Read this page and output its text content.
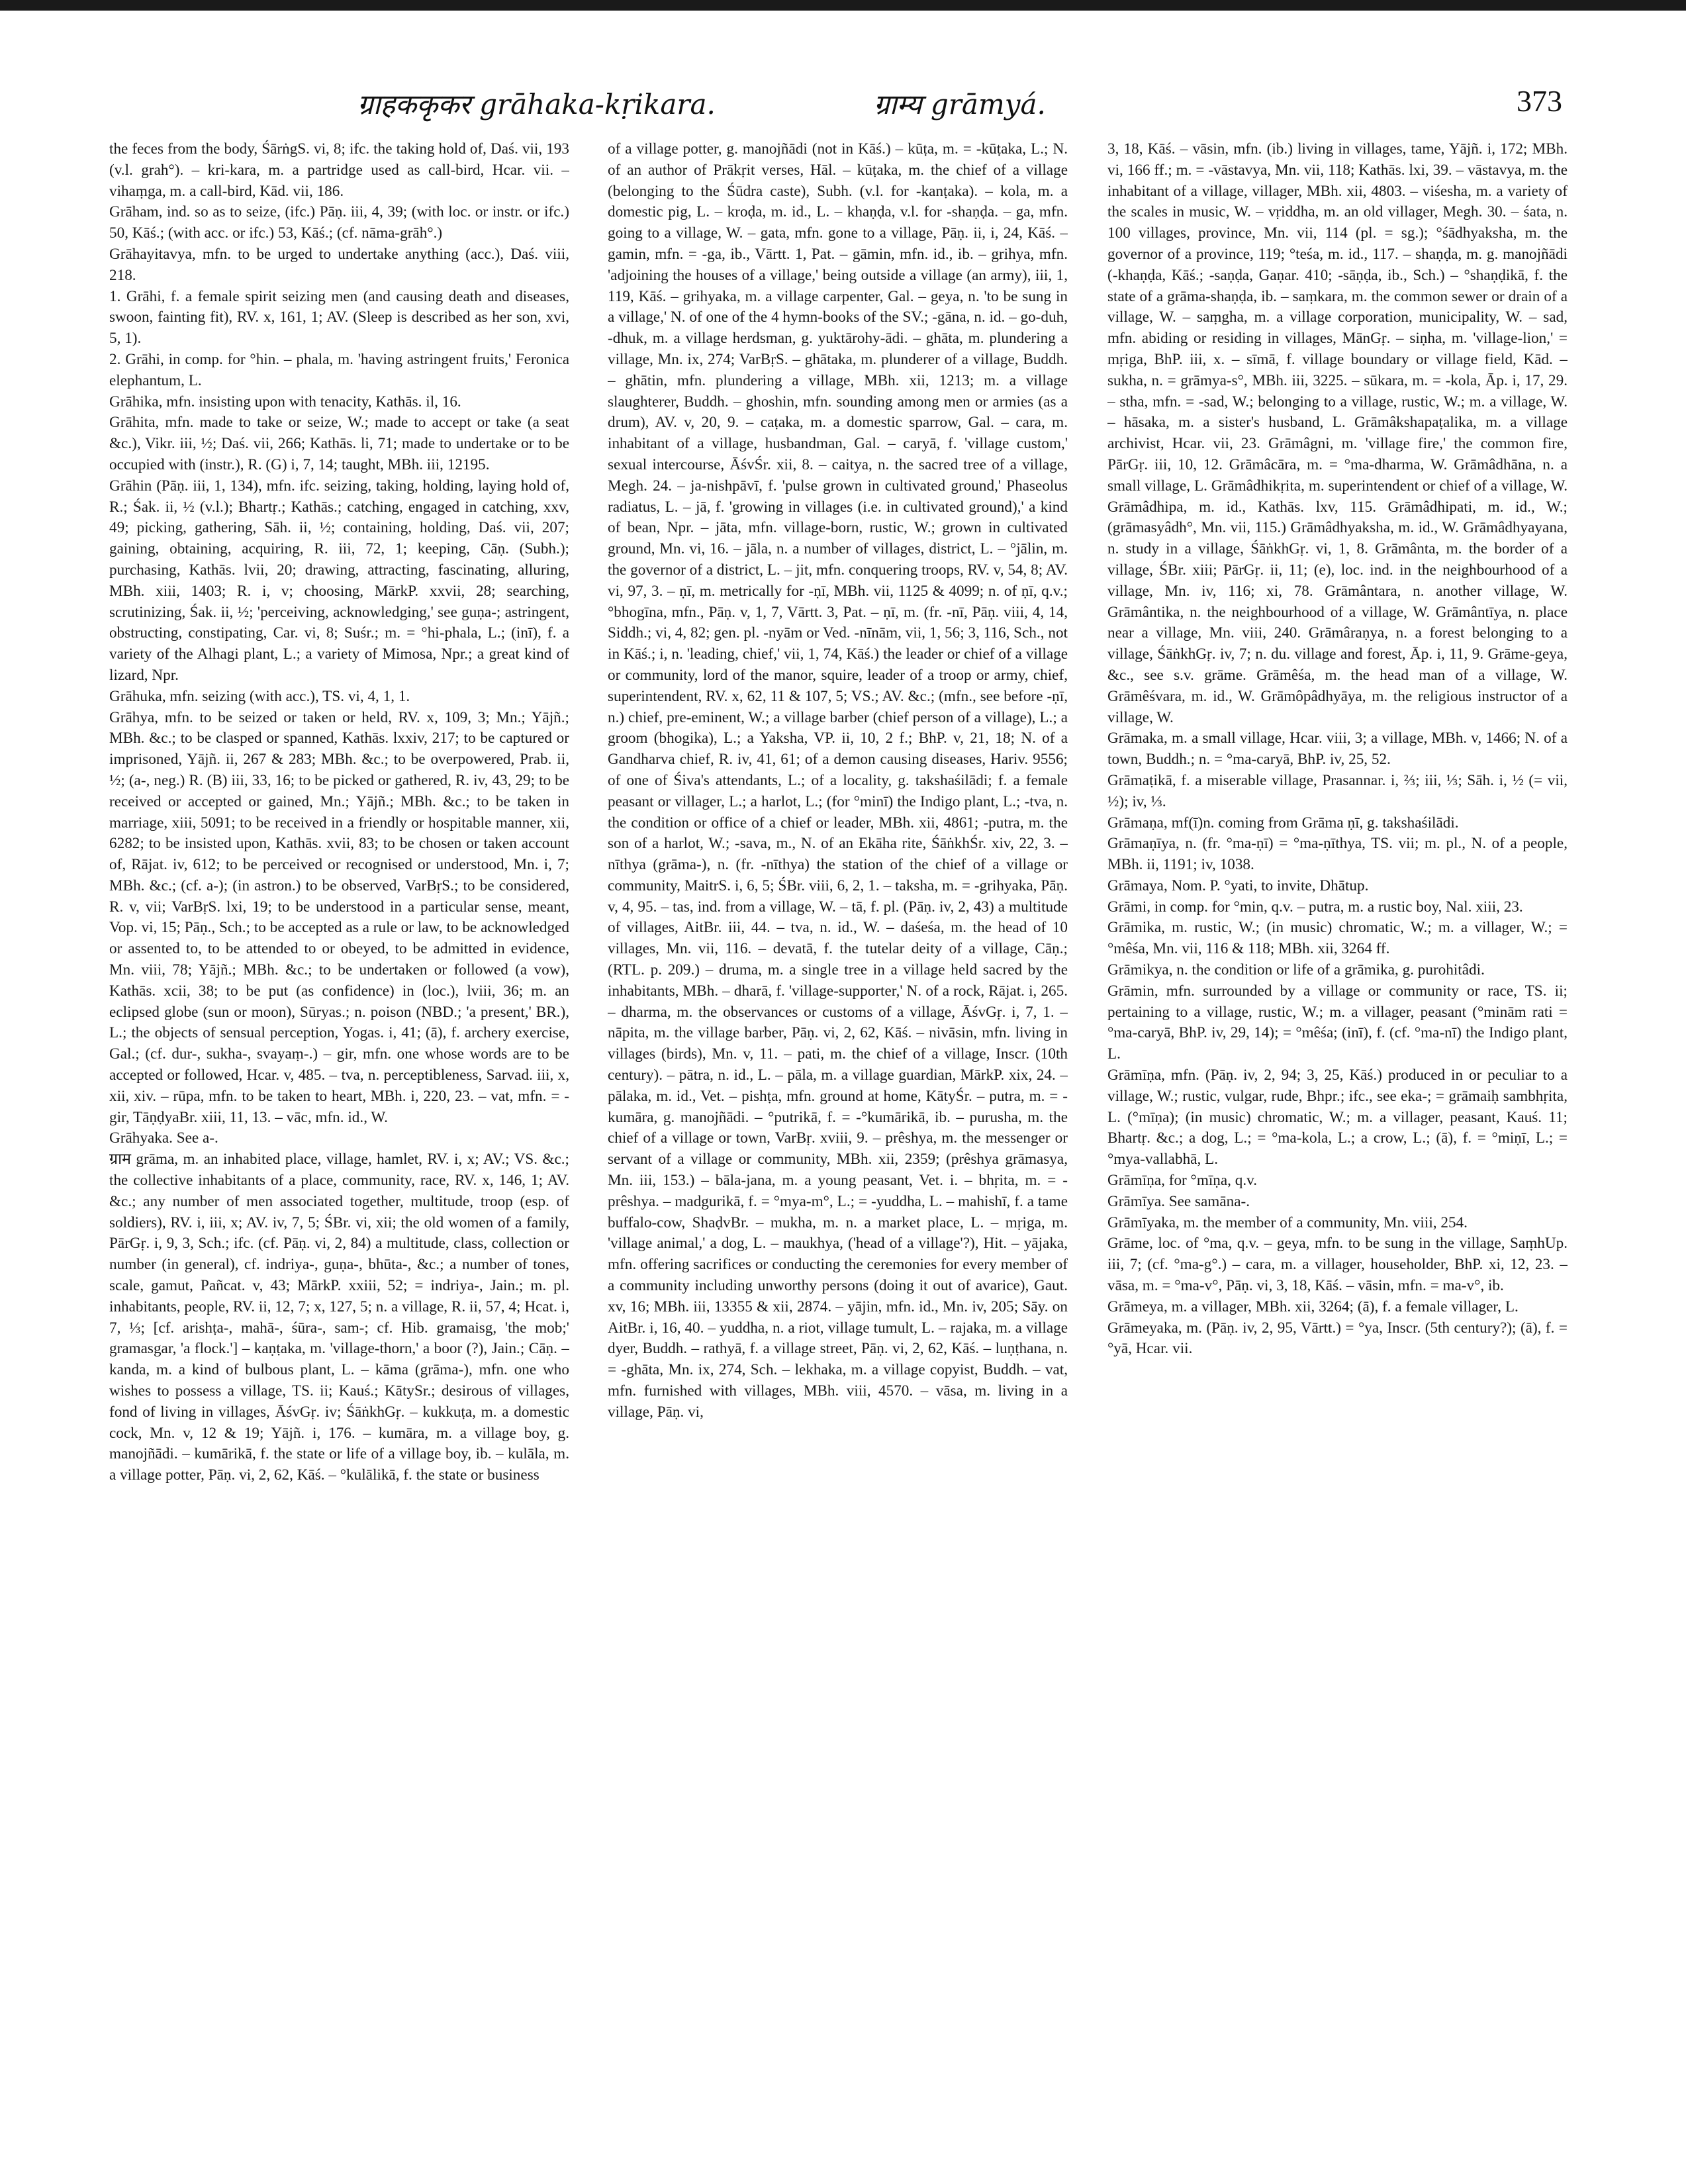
ग्राहककृकर grāhaka-kṛikara.	ग्राम्य grāmyá.	373

the feces from the body, ŚārṅgS. vi, 8; ifc. the taking hold of, Daś. vii, 193 (v.l. grah°). – kri-kara, m. a partridge used as call-bird, Hcar. vii. – vihaṃga, m. a call-bird, Kād. vii, 186.

Grāham, ind. so as to seize, (ifc.) Pāṇ. iii, 4, 39; (with loc. or instr. or ifc.) 50, Kāś.; (with acc. or ifc.) 53, Kāś.; (cf. nāma-grāh°.)

Grāhayitavya, mfn. to be urged to undertake anything (acc.), Daś. viii, 218.

1. Grāhi, f. a female spirit seizing men (and causing death and diseases, swoon, fainting fit), RV. x, 161, 1; AV. (Sleep is described as her son, xvi, 5, 1).

2. Grāhi, in comp. for °hin. – phala, m. 'having astringent fruits,' Feronica elephantum, L.

Grāhika, mfn. insisting upon with tenacity, Kathās. il, 16.

Grāhita, mfn. made to take or seize, W.; made to accept or take (a seat &c.), Vikr. iii, ½; Daś. vii, 266; Kathās. li, 71; made to undertake or to be occupied with (instr.), R. (G) i, 7, 14; taught, MBh. iii, 12195.

Grāhin (Pāṇ. iii, 1, 134), mfn. ifc. seizing, taking, holding, laying hold of, R.; Śak. ii, ½ (v.l.); Bhartṛ.; Kathās.; catching, engaged in catching, xxv, 49; picking, gathering, Sāh. ii, ½; containing, holding, Daś. vii, 207; gaining, obtaining, acquiring, R. iii, 72, 1; keeping, Cāṇ. (Subh.); purchasing, Kathās. lvii, 20; drawing, attracting, fascinating, alluring, MBh. xiii, 1403; R. i, v; choosing, MārkP. xxvii, 28; searching, scrutinizing, Śak. ii, ½; 'perceiving, acknowledging,' see guṇa-; astringent, obstructing, constipating, Car. vi, 8; Suśr.; m. = °hi-phala, L.; (inī), f. a variety of the Alhagi plant, L.; a variety of Mimosa, Npr.; a great kind of lizard, Npr.

Grāhuka, mfn. seizing (with acc.), TS. vi, 4, 1, 1.

Grāhya, mfn. to be seized or taken or held, RV. x, 109, 3; Mn.; Yājñ.; MBh. &c.; to be clasped or spanned, Kathās. lxxiv, 217; to be captured or imprisoned, Yājñ. ii, 267 & 283; MBh. &c.; to be overpowered, Prab. ii, ½; (a-, neg.) R. (B) iii, 33, 16; to be picked or gathered, R. iv, 43, 29; to be received or accepted or gained, Mn.; Yājñ.; MBh. &c.; to be taken in marriage, xiii, 5091; to be received in a friendly or hospitable manner, xii, 6282; to be insisted upon, Kathās. xvii, 83; to be chosen or taken account of, Rājat. iv, 612; to be perceived or recognised or understood, Mn. i, 7; MBh. &c.; (cf. a-); (in astron.) to be observed, VarBṛS.; to be considered, R. v, vii; VarBṛS. lxi, 19; to be understood in a particular sense, meant, Vop. vi, 15; Pāṇ., Sch.; to be accepted as a rule or law, to be acknowledged or assented to, to be attended to or obeyed, to be admitted in evidence, Mn. viii, 78; Yājñ.; MBh. &c.; to be undertaken or followed (a vow), Kathās. xcii, 38; to be put (as confidence) in (loc.), lviii, 36; m. an eclipsed globe (sun or moon), Sūryas.; n. poison (NBD.; 'a present,' BR.), L.; the objects of sensual perception, Yogas. i, 41; (ā), f. archery exercise, Gal.; (cf. dur-, sukha-, svayaṃ-.) – gir, mfn. one whose words are to be accepted or followed, Hcar. v, 485. – tva, n. perceptibleness, Sarvad. iii, x, xii, xiv. – rūpa, mfn. to be taken to heart, MBh. i, 220, 23. – vat, mfn. = -gir, TāṇḍyaBr. xiii, 11, 13. – vāc, mfn. id., W.

Grāhyaka. See a-.

ग्राम grāma, m. an inhabited place, village, hamlet, RV. i, x; AV.; VS. &c.; the collective inhabitants of a place, community, race, RV. x, 146, 1; AV. &c.; any number of men associated together, multitude, troop (esp. of soldiers), RV. i, iii, x; AV. iv, 7, 5; ŚBr. vi, xii; the old women of a family, PārGṛ. i, 9, 3, Sch.; ifc. (cf. Pāṇ. vi, 2, 84) a multitude, class, collection or number (in general), cf. indriya-, guṇa-, bhūta-, &c.; a number of tones, scale, gamut, Pañcat. v, 43; MārkP. xxiii, 52; = indriya-, Jain.; m. pl. inhabitants, people, RV. ii, 12, 7; x, 127, 5; n. a village, R. ii, 57, 4; Hcat. i, 7, ⅓; [cf. arishṭa-, mahā-, śūra-, sam-; cf. Hib. gramaisg, 'the mob;' gramasgar, 'a flock.'] – kaṇṭaka, m. 'village-thorn,' a boor (?), Jain.; Cāṇ. – kanda, m. a kind of bulbous plant, L. – kāma (grāma-), mfn. one who wishes to possess a village, TS. ii; Kauś.; KātySr.; desirous of villages, fond of living in villages, ĀśvGṛ. iv; ŚāṅkhGṛ. – kukkuṭa, m. a domestic cock, Mn. v, 12 & 19; Yājñ. i, 176. – kumāra, m. a village boy, g. manojñādi. – kumārikā, f. the state or life of a village boy, ib. – kulāla, m. a village potter, Pāṇ. vi, 2, 62, Kāś. – °kulālikā, f. the state or business

of a village potter, g. manojñādi (not in Kāś.) – kūṭa, m. = -kūṭaka, L.; N. of an author of Prākṛit verses, Hāl. – kūṭaka, m. the chief of a village (belonging to the Śūdra caste), Subh. (v.l. for -kanṭaka). – kola, m. a domestic pig, L. – kroḍa, m. id., L. – khaṇḍa, v.l. for -shaṇḍa. – ga, mfn. going to a village, W. – gata, mfn. gone to a village, Pāṇ. ii, i, 24, Kāś. – gamin, mfn. = -ga, ib., Vārtt. 1, Pat. – gāmin, mfn. id., ib. – grihya, mfn. 'adjoining the houses of a village,' being outside a village (an army), iii, 1, 119, Kāś. – grihyaka, m. a village carpenter, Gal. – geya, n. 'to be sung in a village,' N. of one of the 4 hymn-books of the SV.; -gāna, n. id. – go-duh, -dhuk, m. a village herdsman, g. yuktārohy-ādi. – ghāta, m. plundering a village, Mn. ix, 274; VarBṛS. – ghātaka, m. plunderer of a village, Buddh. – ghātin, mfn. plundering a village, MBh. xii, 1213; m. a village slaughterer, Buddh. – ghoshin, mfn. sounding among men or armies (as a drum), AV. v, 20, 9. – caṭaka, m. a domestic sparrow, Gal. – cara, m. inhabitant of a village, husbandman, Gal. – caryā, f. 'village custom,' sexual intercourse, ĀśvŚr. xii, 8. – caitya, n. the sacred tree of a village, Megh. 24. – ja-nishpāvī, f. 'pulse grown in cultivated ground,' Phaseolus radiatus, L. – jā, f. 'growing in villages (i.e. in cultivated ground),' a kind of bean, Npr. – jāta, mfn. village-born, rustic, W.; grown in cultivated ground, Mn. vi, 16. – jāla, n. a number of villages, district, L. – °jālin, m. the governor of a district, L. – jit, mfn. conquering troops, RV. v, 54, 8; AV. vi, 97, 3. – ṇī, m. metrically for -ṇī, MBh. vii, 1125 & 4099; n. of ṇī, q.v.; °bhogīna, mfn., Pāṇ. v, 1, 7, Vārtt. 3, Pat. – ṇī, m. (fr. -nī, Pāṇ. viii, 4, 14, Siddh.; vi, 4, 82; gen. pl. -nyām or Ved. -nīnām, vii, 1, 56; 3, 116, Sch., not in Kāś.; i, n. 'leading, chief,' vii, 1, 74, Kāś.) the leader or chief of a village or community, lord of the manor, squire, leader of a troop or army, chief, superintendent, RV. x, 62, 11 & 107, 5; VS.; AV. &c.; (mfn., see before -ṇī, n.) chief, pre-eminent, W.; a village barber (chief person of a village), L.; a groom (bhogika), L.; a Yaksha, VP. ii, 10, 2 f.; BhP. v, 21, 18; N. of a Gandharva chief, R. iv, 41, 61; of a demon causing diseases, Hariv. 9556; of one of Śiva's attendants, L.; of a locality, g. takshaśilādi; f. a female peasant or villager, L.; a harlot, L.; (for °minī) the Indigo plant, L.; -tva, n. the condition or office of a chief or leader, MBh. xii, 4861; -putra, m. the son of a harlot, W.; -sava, m., N. of an Ekāha rite, ŚāṅkhŚr. xiv, 22, 3. – nīthya (grāma-), n. (fr. -nīthya) the station of the chief of a village or community, MaitrS. i, 6, 5; ŚBr. viii, 6, 2, 1. – taksha, m. = -grihyaka, Pāṇ. v, 4, 95. – tas, ind. from a village, W. – tā, f. pl. (Pāṇ. iv, 2, 43) a multitude of villages, AitBr. iii, 44. – tva, n. id., W. – daśeśa, m. the head of 10 villages, Mn. vii, 116. – devatā, f. the tutelar deity of a village, Cāṇ.; (RTL. p. 209.) – druma, m. a single tree in a village held sacred by the inhabitants, MBh. – dharā, f. 'village-supporter,' N. of a rock, Rājat. i, 265. – dharma, m. the observances or customs of a village, ĀśvGṛ. i, 7, 1. – nāpita, m. the village barber, Pāṇ. vi, 2, 62, Kāś. – nivāsin, mfn. living in villages (birds), Mn. v, 11. – pati, m. the chief of a village, Inscr. (10th century). – pātra, n. id., L. – pāla, m. a village guardian, MārkP. xix, 24. – pālaka, m. id., Vet. – pishṭa, mfn. ground at home, KātyŚr. – putra, m. = -kumāra, g. manojñādi. – °putrikā, f. = -°kumārikā, ib. – purusha, m. the chief of a village or town, VarBṛ. xviii, 9. – prêshya, m. the messenger or servant of a village or community, MBh. xii, 2359; (prêshya grāmasya, Mn. iii, 153.) – bāla-jana, m. a young peasant, Vet. i. – bhṛita, m. = -prêshya. – madgurikā, f. = °mya-m°, L.; = -yuddha, L. – mahishī, f. a tame buffalo-cow, ShaḍvBr. – mukha, m. n. a market place, L. – mṛiga, m. 'village animal,' a dog, L. – maukhya, ('head of a village'?), Hit. – yājaka, mfn. offering sacrifices or conducting the ceremonies for every member of a community including unworthy persons (doing it out of avarice), Gaut. xv, 16; MBh. iii, 13355 & xii, 2874. – yājin, mfn. id., Mn. iv, 205; Sāy. on AitBr. i, 16, 40. – yuddha, n. a riot, village tumult, L. – rajaka, m. a village dyer, Buddh. – rathyā, f. a village street, Pāṇ. vi, 2, 62, Kāś. – luṇṭhana, n. = -ghāta, Mn. ix, 274, Sch. – lekhaka, m. a village copyist, Buddh. – vat, mfn. furnished with villages, MBh. viii, 4570. – vāsa, m. living in a village, Pāṇ. vi,

3, 18, Kāś. – vāsin, mfn. (ib.) living in villages, tame, Yājñ. i, 172; MBh. vi, 166 ff.; m. = -vāstavya, Mn. vii, 118; Kathās. lxi, 39. – vāstavya, m. the inhabitant of a village, villager, MBh. xii, 4803. – viśesha, m. a variety of the scales in music, W. – vṛiddha, m. an old villager, Megh. 30. – śata, n. 100 villages, province, Mn. vii, 114 (pl. = sg.); °śādhyaksha, m. the governor of a province, 119; °teśa, m. id., 117. – shaṇḍa, m. g. manojñādi (-khaṇḍa, Kāś.; -saṇḍa, Gaṇar. 410; -sāṇḍa, ib., Sch.) – °shaṇḍikā, f. the state of a grāma-shaṇḍa, ib. – saṃkara, m. the common sewer or drain of a village, W. – saṃgha, m. a village corporation, municipality, W. – sad, mfn. abiding or residing in villages, MānGṛ. – siṇha, m. 'village-lion,' = mṛiga, BhP. iii, x. – sīmā, f. village boundary or village field, Kād. – sukha, n. = grāmya-s°, MBh. iii, 3225. – sūkara, m. = -kola, Āp. i, 17, 29. – stha, mfn. = -sad, W.; belonging to a village, rustic, W.; m. a village, W. – hāsaka, m. a sister's husband, L. Grāmâkshapaṭalika, m. a village archivist, Hcar. vii, 23. Grāmâgni, m. 'village fire,' the common fire, PārGṛ. iii, 10, 12. Grāmâcāra, m. = °ma-dharma, W. Grāmâdhāna, n. a small village, L. Grāmâdhikṛita, m. superintendent or chief of a village, W. Grāmâdhipa, m. id., Kathās. lxv, 115. Grāmâdhipati, m. id., W.; (grāmasyâdh°, Mn. vii, 115.) Grāmâdhyaksha, m. id., W. Grāmâdhyayana, n. study in a village, ŚāṅkhGṛ. vi, 1, 8. Grāmânta, m. the border of a village, ŚBr. xiii; PārGṛ. ii, 11; (e), loc. ind. in the neighbourhood of a village, Mn. iv, 116; xi, 78. Grāmântara, n. another village, W. Grāmântika, n. the neighbourhood of a village, W. Grāmântīya, n. place near a village, Mn. viii, 240. Grāmâraṇya, n. a forest belonging to a village, ŚāṅkhGṛ. iv, 7; n. du. village and forest, Āp. i, 11, 9. Grāme-geya, &c., see s.v. grāme. Grāmêśa, m. the head man of a village, W. Grāmêśvara, m. id., W. Grāmôpâdhyāya, m. the religious instructor of a village, W.

Grāmaka, m. a small village, Hcar. viii, 3; a village, MBh. v, 1466; N. of a town, Buddh.; n. = °ma-caryā, BhP. iv, 25, 52.

Grāmaṭikā, f. a miserable village, Prasannar. i, ⅔; iii, ⅓; Sāh. i, ½ (= vii, ½); iv, ⅓.

Grāmaṇa, mf(ī)n. coming from Grāma ṇī, g. takshaśilādi.

Grāmaṇīya, n. (fr. °ma-ṇī) = °ma-ṇīthya, TS. vii; m. pl., N. of a people, MBh. ii, 1191; iv, 1038.

Grāmaya, Nom. P. °yati, to invite, Dhātup.

Grāmi, in comp. for °min, q.v. – putra, m. a rustic boy, Nal. xiii, 23.

Grāmika, m. rustic, W.; (in music) chromatic, W.; m. a villager, W.; = °mêśa, Mn. vii, 116 & 118; MBh. xii, 3264 ff.

Grāmikya, n. the condition or life of a grāmika, g. purohitâdi.

Grāmin, mfn. surrounded by a village or community or race, TS. ii; pertaining to a village, rustic, W.; m. a villager, peasant (°minām rati = °ma-caryā, BhP. iv, 29, 14); = °mêśa; (inī), f. (cf. °ma-nī) the Indigo plant, L.

Grāmīṇa, mfn. (Pāṇ. iv, 2, 94; 3, 25, Kāś.) produced in or peculiar to a village, W.; rustic, vulgar, rude, Bhpr.; ifc., see eka-; = grāmaiḥ sambhṛita, L. (°mīṇa); (in music) chromatic, W.; m. a villager, peasant, Kauś. 11; Bhartṛ. &c.; a dog, L.; = °ma-kola, L.; a crow, L.; (ā), f. = °miṇī, L.; = °mya-vallabhā, L.

Grāmīṇa, for °mīṇa, q.v.

Grāmīya. See samāna-.

Grāmīyaka, m. the member of a community, Mn. viii, 254.

Grāme, loc. of °ma, q.v. – geya, mfn. to be sung in the village, SaṃhUp. iii, 7; (cf. °ma-g°.) – cara, m. a villager, householder, BhP. xi, 12, 23. – vāsa, m. = °ma-v°, Pāṇ. vi, 3, 18, Kāś. – vāsin, mfn. = ma-v°, ib.

Grāmeya, m. a villager, MBh. xii, 3264; (ā), f. a female villager, L.

Grāmeyaka, m. (Pāṇ. iv, 2, 95, Vārtt.) = °ya, Inscr. (5th century?); (ā), f. = °yā, Hcar. vii.
